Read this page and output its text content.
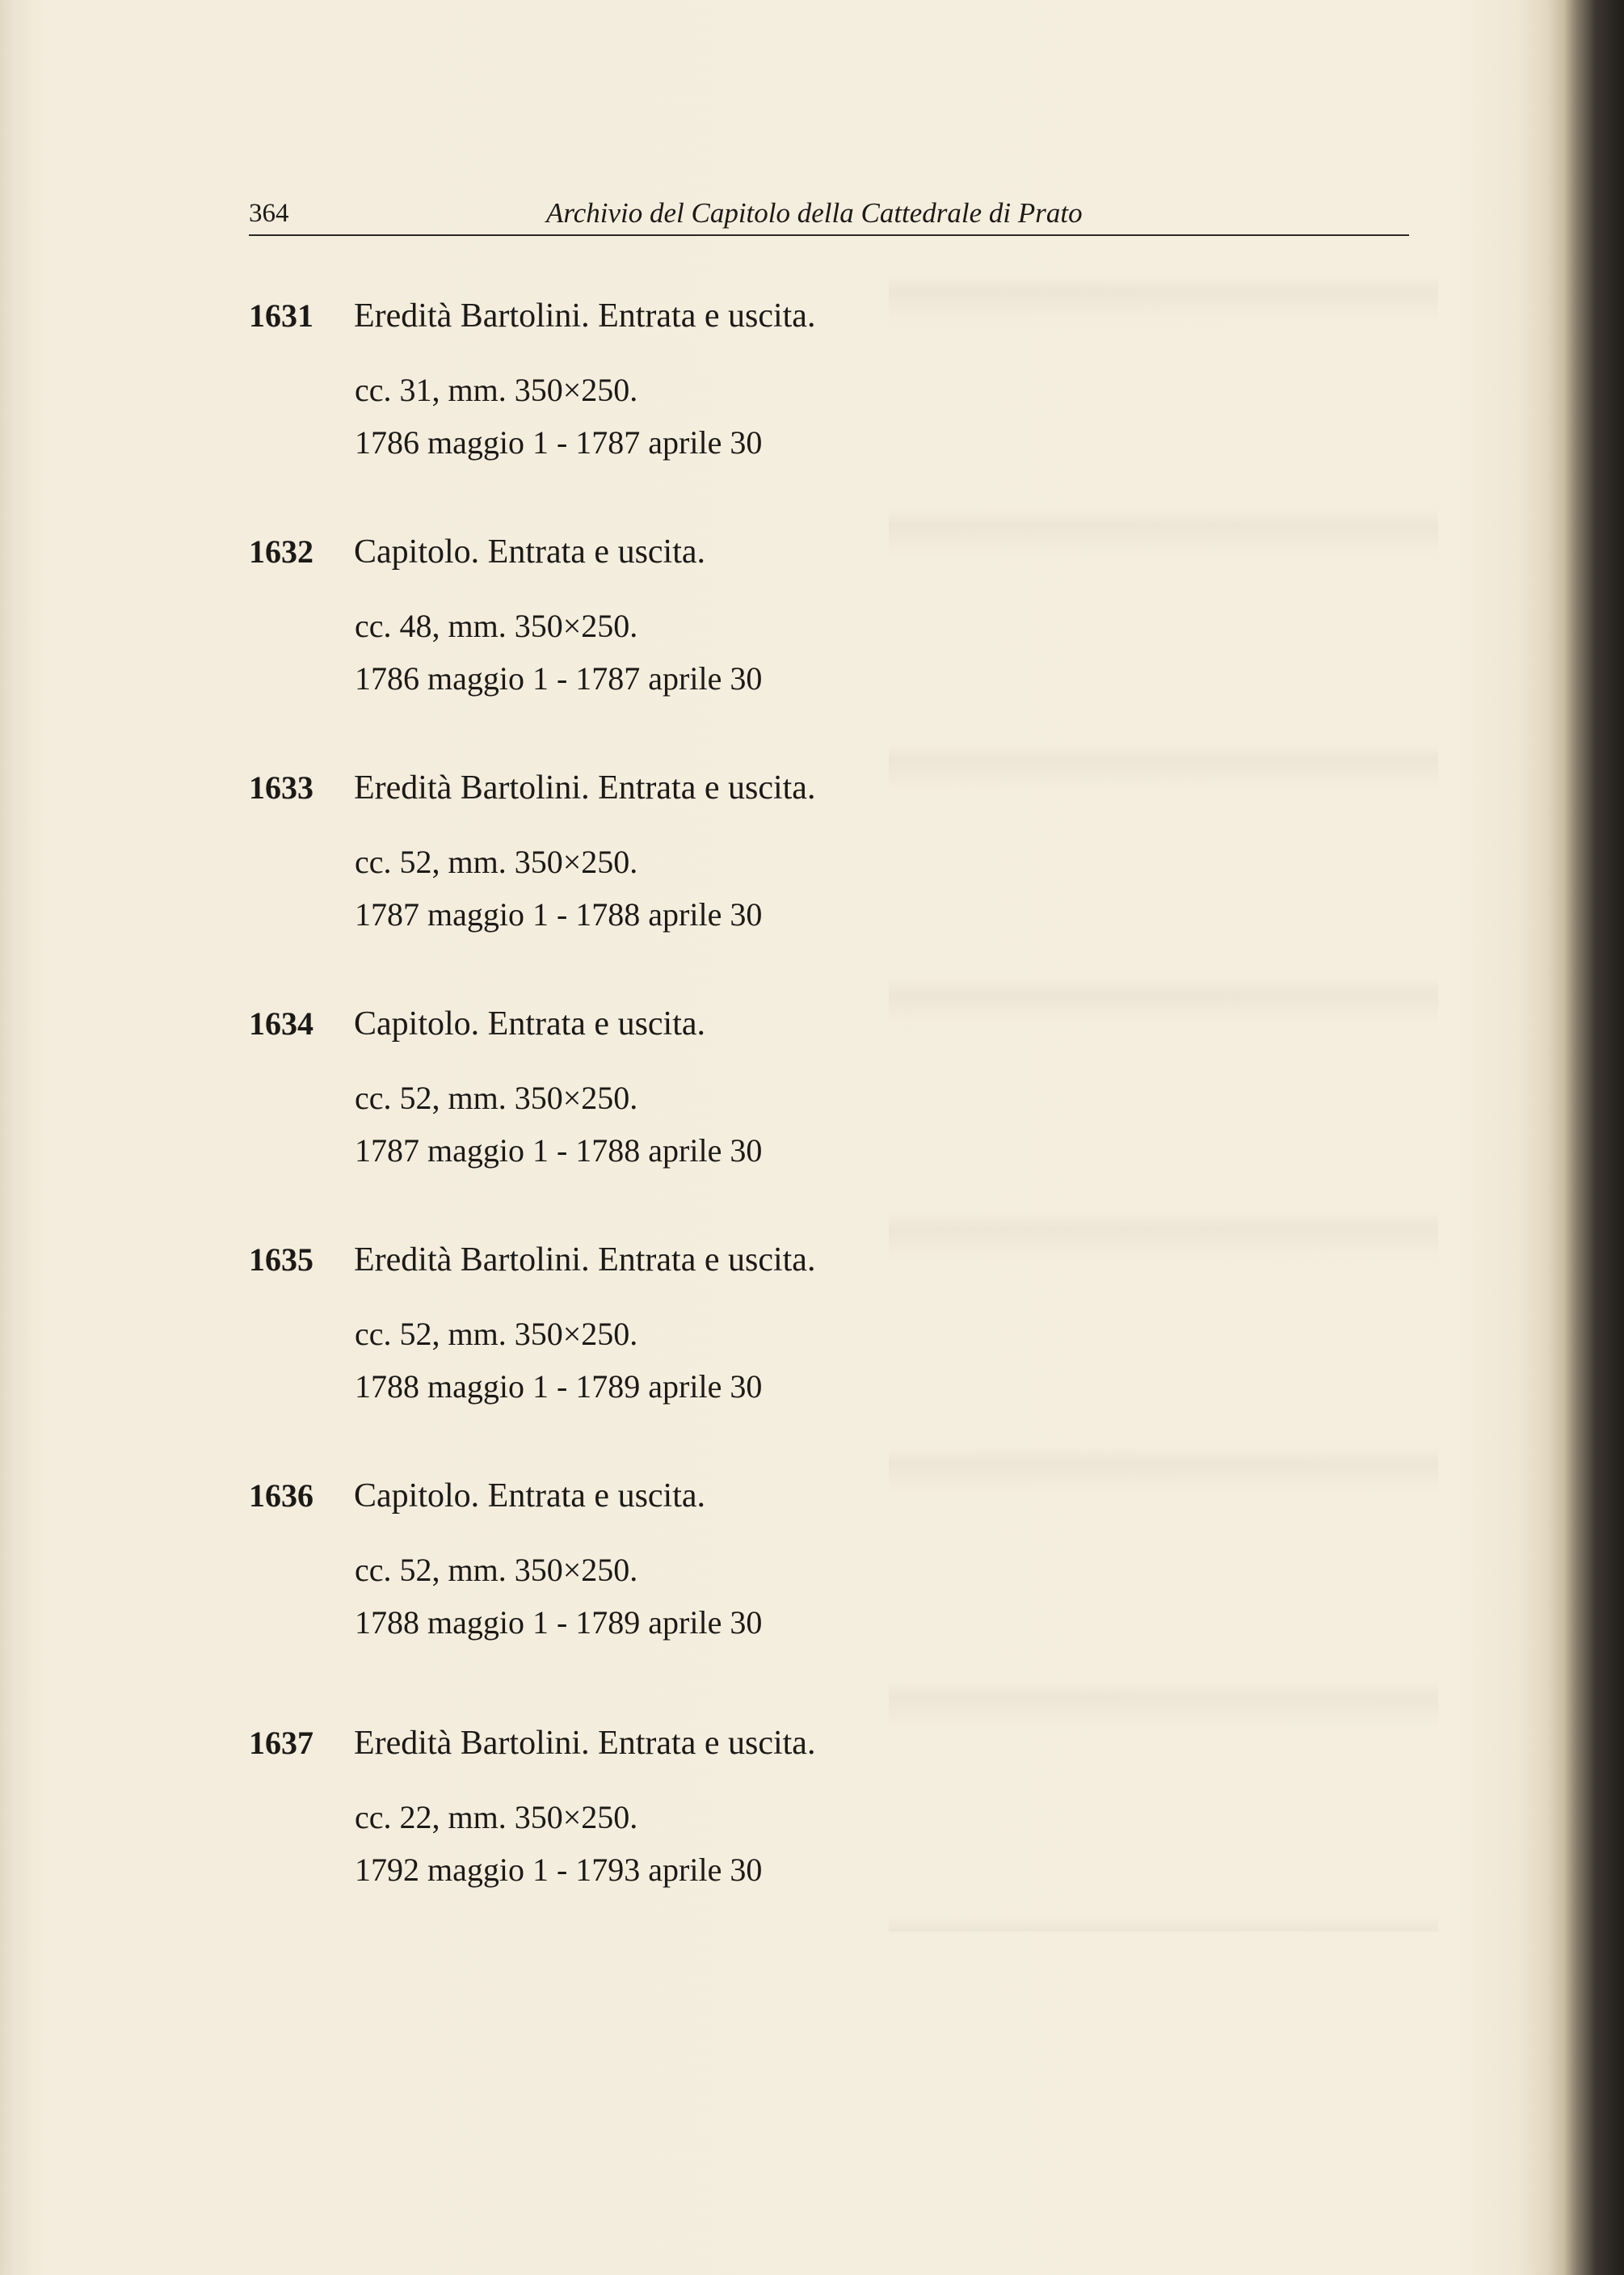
364	Archivio del Capitolo della Cattedrale di Prato
1631 Eredità Bartolini. Entrata e uscita.
cc. 31, mm. 350×250.
1786 maggio 1 - 1787 aprile 30
1632 Capitolo. Entrata e uscita.
cc. 48, mm. 350×250.
1786 maggio 1 - 1787 aprile 30
1633 Eredità Bartolini. Entrata e uscita.
cc. 52, mm. 350×250.
1787 maggio 1 - 1788 aprile 30
1634 Capitolo. Entrata e uscita.
cc. 52, mm. 350×250.
1787 maggio 1 - 1788 aprile 30
1635 Eredità Bartolini. Entrata e uscita.
cc. 52, mm. 350×250.
1788 maggio 1 - 1789 aprile 30
1636 Capitolo. Entrata e uscita.
cc. 52, mm. 350×250.
1788 maggio 1 - 1789 aprile 30
1637 Eredità Bartolini. Entrata e uscita.
cc. 22, mm. 350×250.
1792 maggio 1 - 1793 aprile 30
